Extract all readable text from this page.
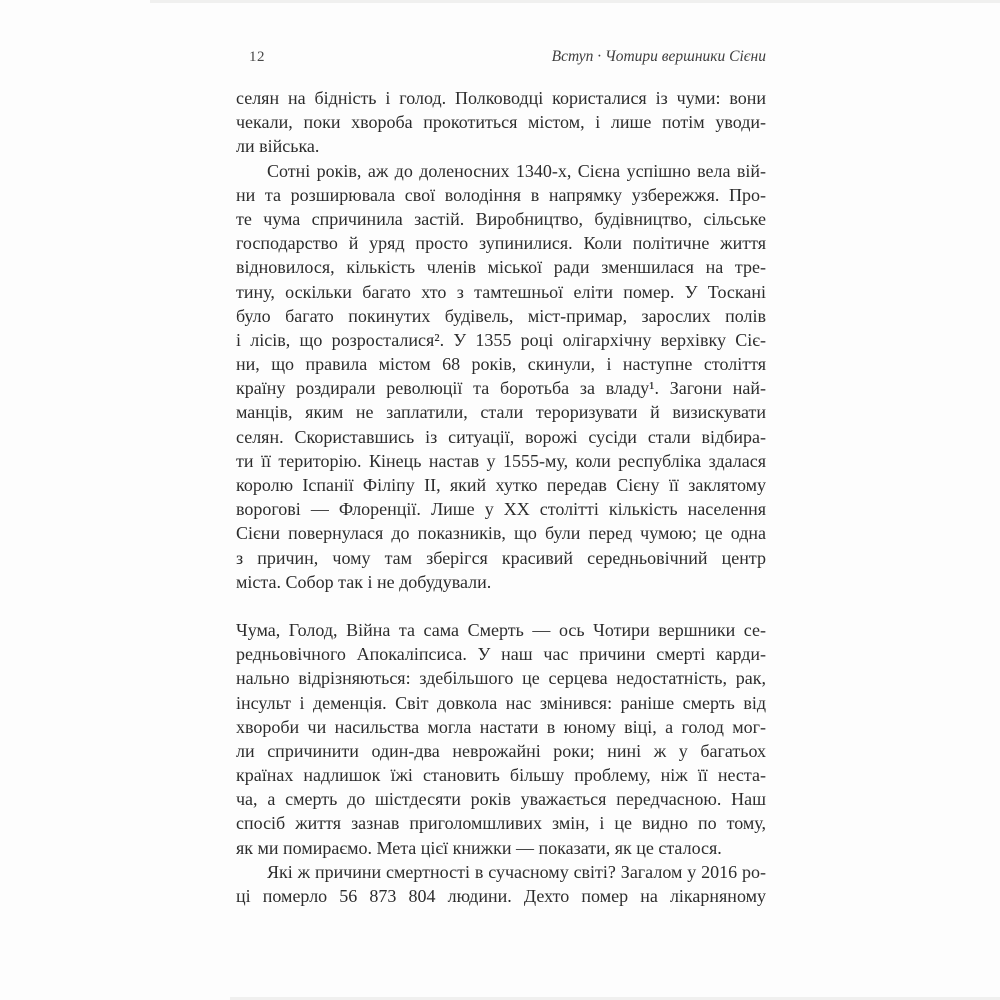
12	Вступ · Чотири вершники Сієни
селян на бідність і голод. Полководці користалися із чуми: вони
чекали, поки хвороба прокотиться містом, і лише потім уводи-
ли війська.
Сотні років, аж до доленосних 1340-х, Сієна успішно вела вій-
ни та розширювала свої володіння в напрямку узбережжя. Про-
те чума спричинила застій. Виробництво, будівництво, сільське
господарство й уряд просто зупинилися. Коли політичне життя
відновилося, кількість членів міської ради зменшилася на тре-
тину, оскільки багато хто з тамтешньої еліти помер. У Тоскані
було багато покинутих будівель, міст-примар, зарослих полів
і лісів, що розросталися². У 1355 році олігархічну верхівку Сіє-
ни, що правила містом 68 років, скинули, і наступне століття
країну роздирали революції та боротьба за владу¹. Загони най-
манців, яким не заплатили, стали тероризувати й визискувати
селян. Скориставшись із ситуації, ворожі сусіди стали відбира-
ти її територію. Кінець настав у 1555-му, коли республіка здалася
королю Іспанії Філіпу II, який хутко передав Сієну її заклятому
ворогові — Флоренції. Лише у XX столітті кількість населення
Сієни повернулася до показників, що були перед чумою; це одна
з причин, чому там зберігся красивий середньовічний центр
міста. Собор так і не добудували.
Чума, Голод, Війна та сама Смерть — ось Чотири вершники се-
редньовічного Апокаліпсиса. У наш час причини смерті карди-
нально відрізняються: здебільшого це серцева недостатність, рак,
інсульт і деменція. Світ довкола нас змінився: раніше смерть від
хвороби чи насильства могла настати в юному віці, а голод мог-
ли спричинити один-два неврожайні роки; нині ж у багатьох
країнах надлишок їжі становить більшу проблему, ніж її неста-
ча, а смерть до шістдесяти років уважається передчасною. Наш
спосіб життя зазнав приголомшливих змін, і це видно по тому,
як ми помираємо. Мета цієї книжки — показати, як це сталося.
Які ж причини смертності в сучасному світі? Загалом у 2016 ро-
ці померло 56 873 804 людини. Дехто помер на лікарняному
